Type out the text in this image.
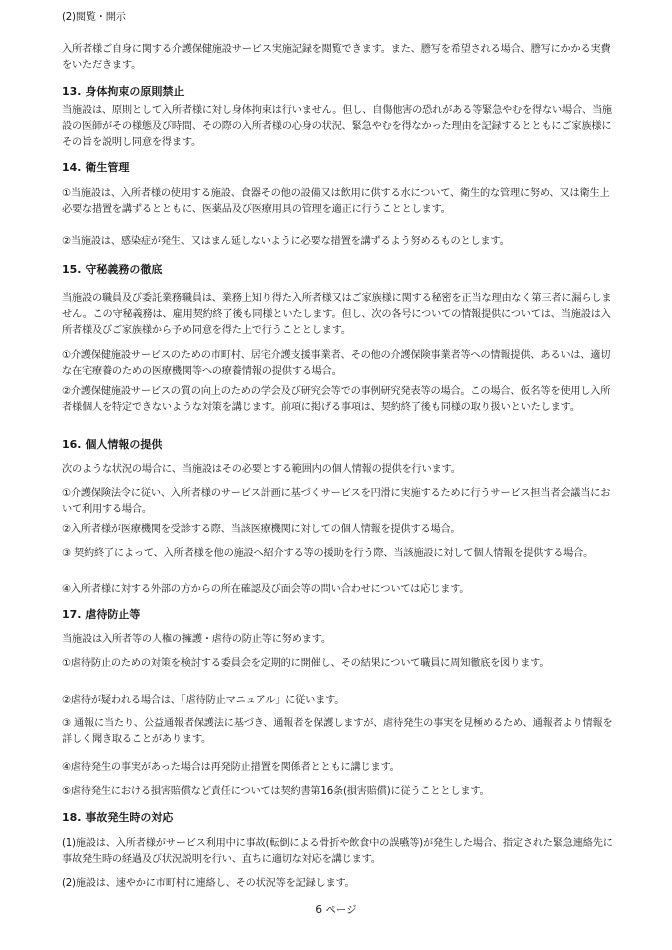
(2)閲覧・開示
入所者様ご自身に関する介護保健施設サービス実施記録を閲覧できます。また、謄写を希望される場合、謄写にかかる実費をいただきます。
13. 身体拘束の原則禁止
当施設は、原則として入所者様に対し身体拘束は行いません。但し、自傷他害の恐れがある等緊急やむを得ない場合、当施設の医師がその様態及び時間、その際の入所者様の心身の状況、緊急やむを得なかった理由を記録するとともにご家族様にその旨を説明し同意を得ます。
14. 衛生管理
①当施設は、入所者様の使用する施設、食器その他の設備又は飲用に供する水について、衛生的な管理に努め、又は衛生上必要な措置を講ずるとともに、医薬品及び医療用具の管理を適正に行うこととします。
②当施設は、感染症が発生、又はまん延しないように必要な措置を講ずるよう努めるものとします。
15. 守秘義務の徹底
当施設の職員及び委託業務職員は、業務上知り得た入所者様又はご家族様に関する秘密を正当な理由なく第三者に漏らしません。この守秘義務は、雇用契約終了後も同様といたします。但し、次の各号についての情報提供については、当施設は入所者様及びご家族様から予め同意を得た上で行うこととします。
①介護保健施設サービスのための市町村、居宅介護支援事業者、その他の介護保険事業者等への情報提供、あるいは、適切な在宅療養のための医療機関等への療養情報の提供する場合。
②介護保健施設サービスの質の向上のための学会及び研究会等での事例研究発表等の場合。この場合、仮名等を使用し入所者様個人を特定できないような対策を講じます。前項に掲げる事項は、契約終了後も同様の取り扱いといたします。
16. 個人情報の提供
次のような状況の場合に、当施設はその必要とする範囲内の個人情報の提供を行います。
①介護保険法令に従い、入所者様のサービス計画に基づくサービスを円滑に実施するために行うサービス担当者会議当において利用する場合。
②入所者様が医療機関を受診する際、当該医療機関に対しての個人情報を提供する場合。
③ 契約終了によって、入所者様を他の施設へ紹介する等の援助を行う際、当該施設に対して個人情報を提供する場合。
④入所者様に対する外部の方からの所在確認及び面会等の問い合わせについては応じます。
17. 虐待防止等
当施設は入所者等の人権の擁護・虐待の防止等に努めます。
①虐待防止のための対策を検討する委員会を定期的に開催し、その結果について職員に周知徹底を図ります。
②虐待が疑われる場合は、「虐待防止マニュアル」に従います。
③ 通報に当たり、公益通報者保護法に基づき、通報者を保護しますが、虐待発生の事実を見極めるため、通報者より情報を詳しく聞き取ることがあります。
④虐待発生の事実があった場合は再発防止措置を関係者とともに講じます。
⑤虐待発生における損害賠償など責任については契約書第16条(損害賠償)に従うこととします。
18. 事故発生時の対応
(1)施設は、入所者様がサービス利用中に事故(転倒による骨折や飲食中の誤嚥等)が発生した場合、指定された緊急連絡先に事故発生時の経過及び状況説明を行い、直ちに適切な対応を講じます。
(2)施設は、速やかに市町村に連絡し、その状況等を記録します。
6 ページ
